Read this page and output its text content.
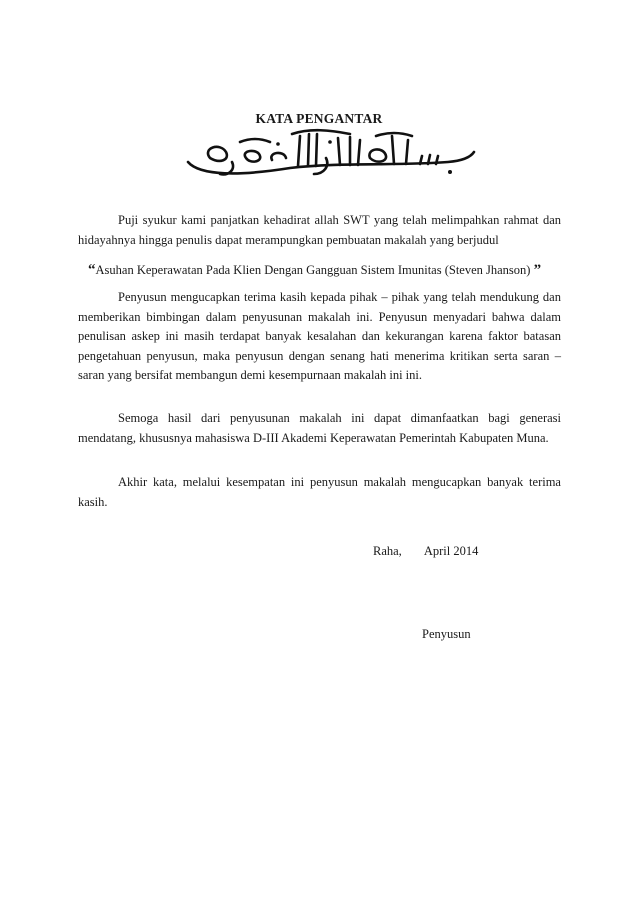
KATA PENGANTAR
Puji syukur kami panjatkan kehadirat allah SWT yang telah melimpahkan rahmat dan hidayahnya hingga penulis dapat merampungkan pembuatan makalah yang berjudul
“Asuhan Keperawatan Pada Klien Dengan Gangguan Sistem Imunitas (Steven Jhanson) ”
Penyusun mengucapkan terima kasih kepada pihak – pihak yang telah mendukung dan memberikan bimbingan dalam penyusunan makalah ini. Penyusun menyadari bahwa dalam penulisan askep ini masih terdapat banyak kesalahan dan kekurangan karena faktor batasan pengetahuan penyusun, maka penyusun dengan senang hati menerima kritikan serta saran – saran yang bersifat membangun demi kesempurnaan makalah ini ini.
Semoga hasil dari penyusunan makalah ini dapat dimanfaatkan bagi generasi mendatang, khususnya mahasiswa D-III Akademi Keperawatan Pemerintah Kabupaten Muna.
Akhir kata, melalui kesempatan ini penyusun makalah mengucapkan banyak terima kasih.
Raha, April 2014
Penyusun
